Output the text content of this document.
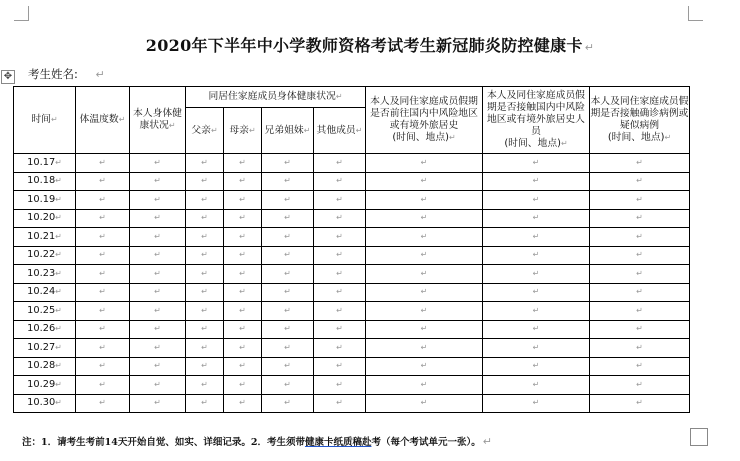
✥
2020年下半年中小学教师资格考试考生新冠肺炎防控健康卡 ↵
考生姓名: ↵
时间↵	体温度数↵	本人身体健康状况↵	同居住家庭成员身体健康状况↵				本人及同住家庭成员假期是否前往国内中风险地区或有境外旅居史
(时间、地点)↵	本人及同住家庭成员假期是否接触国内中风险地区或有境外旅居史人员
(时间、地点)↵	本人及同住家庭成员假期是否接触确诊病例或疑似病例
(时间、地点)↵
			父亲↵	母亲↵	兄弟姐妹↵	其他成员↵			
10.17↵	↵	↵	↵	↵	↵	↵	↵	↵	↵
10.18↵	↵	↵	↵	↵	↵	↵	↵	↵	↵
10.19↵	↵	↵	↵	↵	↵	↵	↵	↵	↵
10.20↵	↵	↵	↵	↵	↵	↵	↵	↵	↵
10.21↵	↵	↵	↵	↵	↵	↵	↵	↵	↵
10.22↵	↵	↵	↵	↵	↵	↵	↵	↵	↵
10.23↵	↵	↵	↵	↵	↵	↵	↵	↵	↵
10.24↵	↵	↵	↵	↵	↵	↵	↵	↵	↵
10.25↵	↵	↵	↵	↵	↵	↵	↵	↵	↵
10.26↵	↵	↵	↵	↵	↵	↵	↵	↵	↵
10.27↵	↵	↵	↵	↵	↵	↵	↵	↵	↵
10.28↵	↵	↵	↵	↵	↵	↵	↵	↵	↵
10.29↵	↵	↵	↵	↵	↵	↵	↵	↵	↵
10.30↵	↵	↵	↵	↵	↵	↵	↵	↵	↵
注：1．请考生考前14天开始自觉、如实、详细记录。2．考生须带健康卡纸质稿赴考（每个考试单元一张）。 ↵
